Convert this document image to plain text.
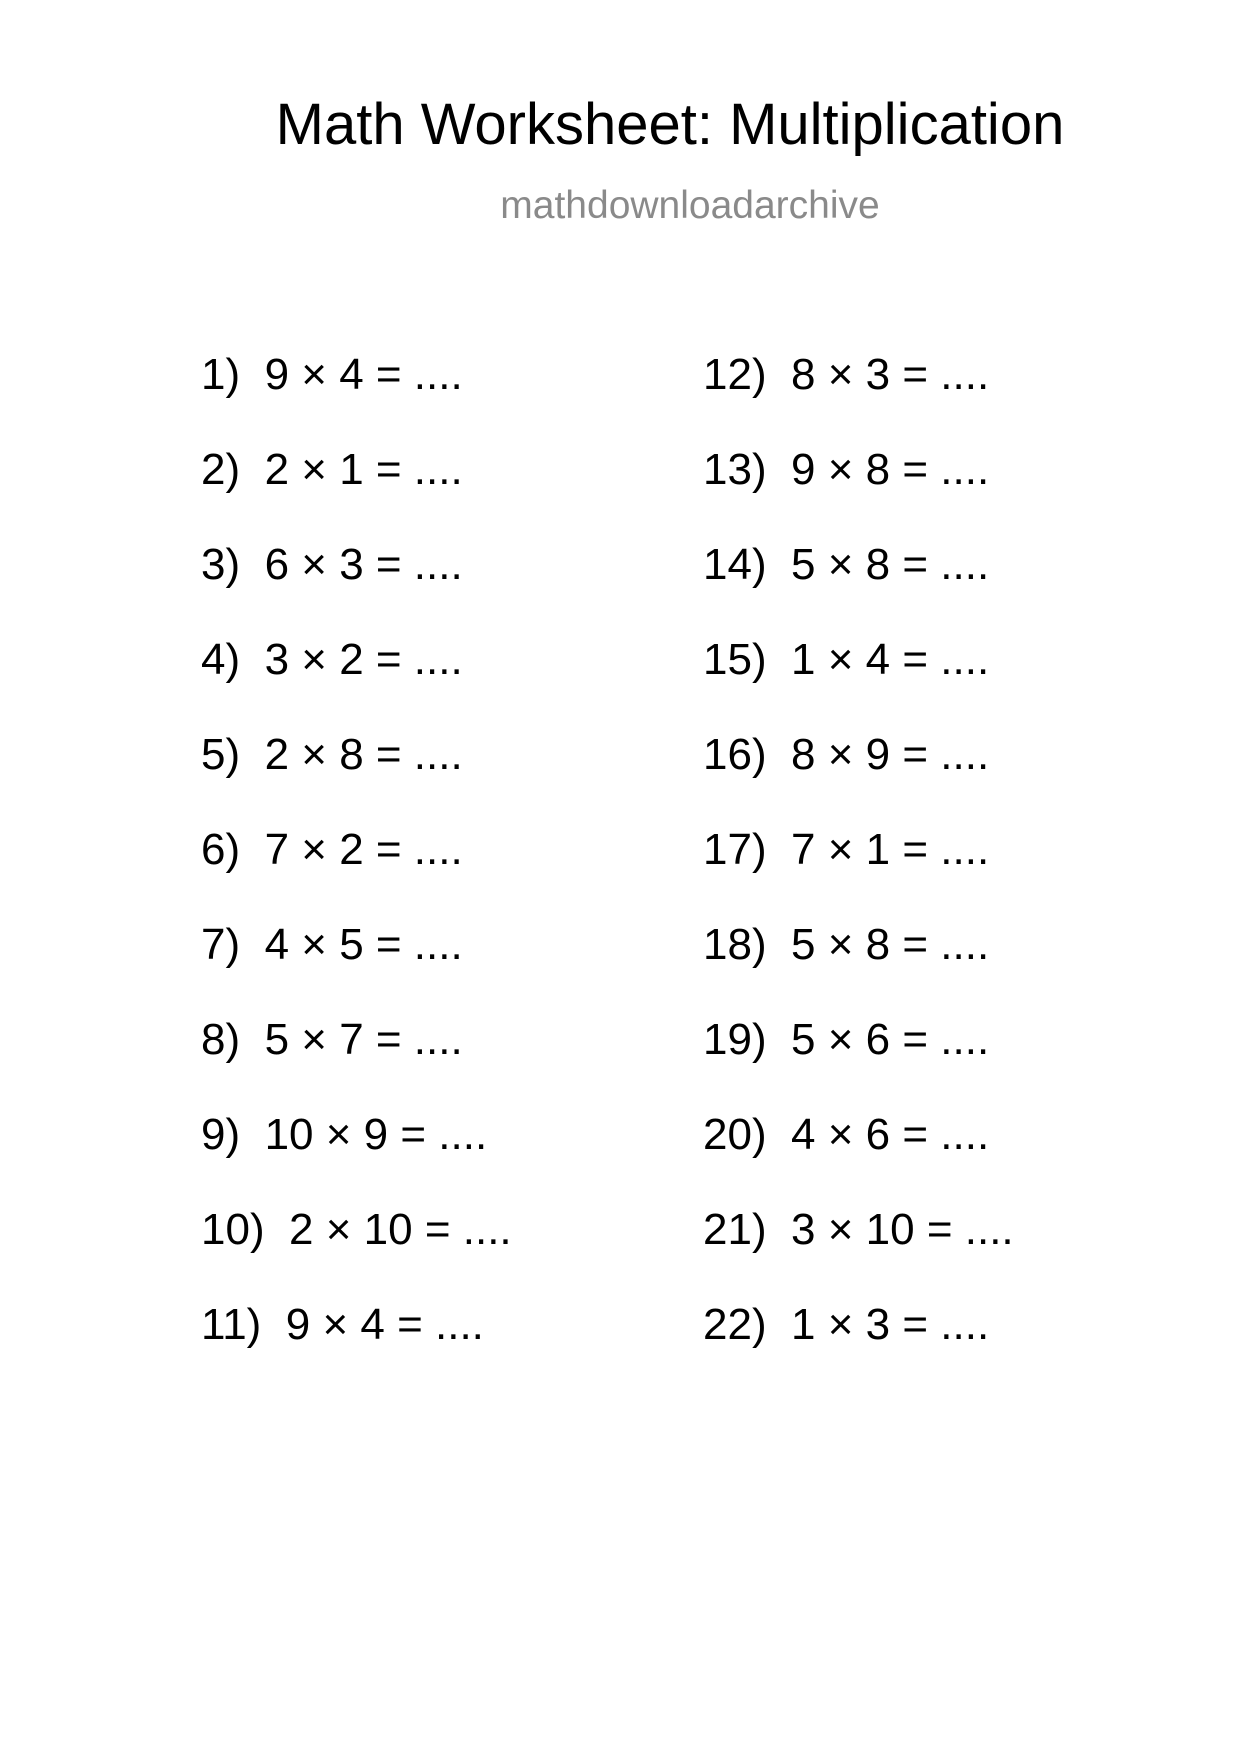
Math Worksheet: Multiplication
mathdownloadarchive
1)  9 × 4 = ....
2)  2 × 1 = ....
3)  6 × 3 = ....
4)  3 × 2 = ....
5)  2 × 8 = ....
6)  7 × 2 = ....
7)  4 × 5 = ....
8)  5 × 7 = ....
9)  10 × 9 = ....
10)  2 × 10 = ....
11)  9 × 4 = ....
12)  8 × 3 = ....
13)  9 × 8 = ....
14)  5 × 8 = ....
15)  1 × 4 = ....
16)  8 × 9 = ....
17)  7 × 1 = ....
18)  5 × 8 = ....
19)  5 × 6 = ....
20)  4 × 6 = ....
21)  3 × 10 = ....
22)  1 × 3 = ....
